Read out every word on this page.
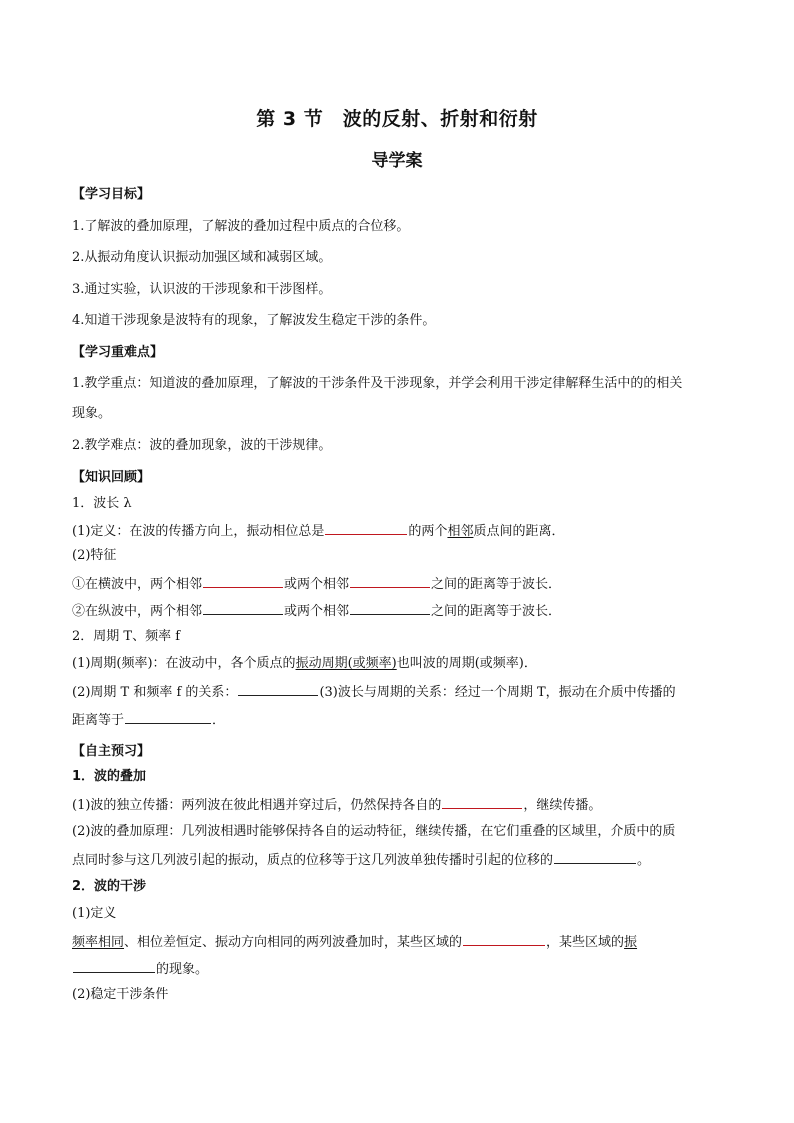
第 3 节　波的反射、折射和衍射
导学案
【学习目标】
1.了解波的叠加原理，了解波的叠加过程中质点的合位移。
2.从振动角度认识振动加强区域和减弱区域。
3.通过实验，认识波的干涉现象和干涉图样。
4.知道干涉现象是波特有的现象，了解波发生稳定干涉的条件。
【学习重难点】
1.教学重点：知道波的叠加原理，了解波的干涉条件及干涉现象，并学会利用干涉定律解释生活中的的相关
现象。
2.教学难点：波的叠加现象，波的干涉规律。
【知识回顾】
1．波长 λ
(1)定义：在波的传播方向上，振动相位总是	的两个相邻质点间的距离．
(2)特征
①在横波中，两个相邻	或两个相邻	之间的距离等于波长．
②在纵波中，两个相邻	或两个相邻	之间的距离等于波长．
2．周期 T、频率 f
(1)周期(频率)：在波动中，各个质点的振动周期(或频率)也叫波的周期(或频率)．
(2)周期 T 和频率 f 的关系：	(3)波长与周期的关系：经过一个周期 T，振动在介质中传播的
距离等于	．
【自主预习】
1．波的叠加
(1)波的独立传播：两列波在彼此相遇并穿过后，仍然保持各自的	，继续传播。
(2)波的叠加原理：几列波相遇时能够保持各自的运动特征，继续传播，在它们重叠的区域里，介质中的质
点同时参与这几列波引起的振动，质点的位移等于这几列波单独传播时引起的位移的	。
2．波的干涉
(1)定义
频率相同、相位差恒定、振动方向相同的两列波叠加时，某些区域的	，某些区域的振
的现象。
(2)稳定干涉条件
